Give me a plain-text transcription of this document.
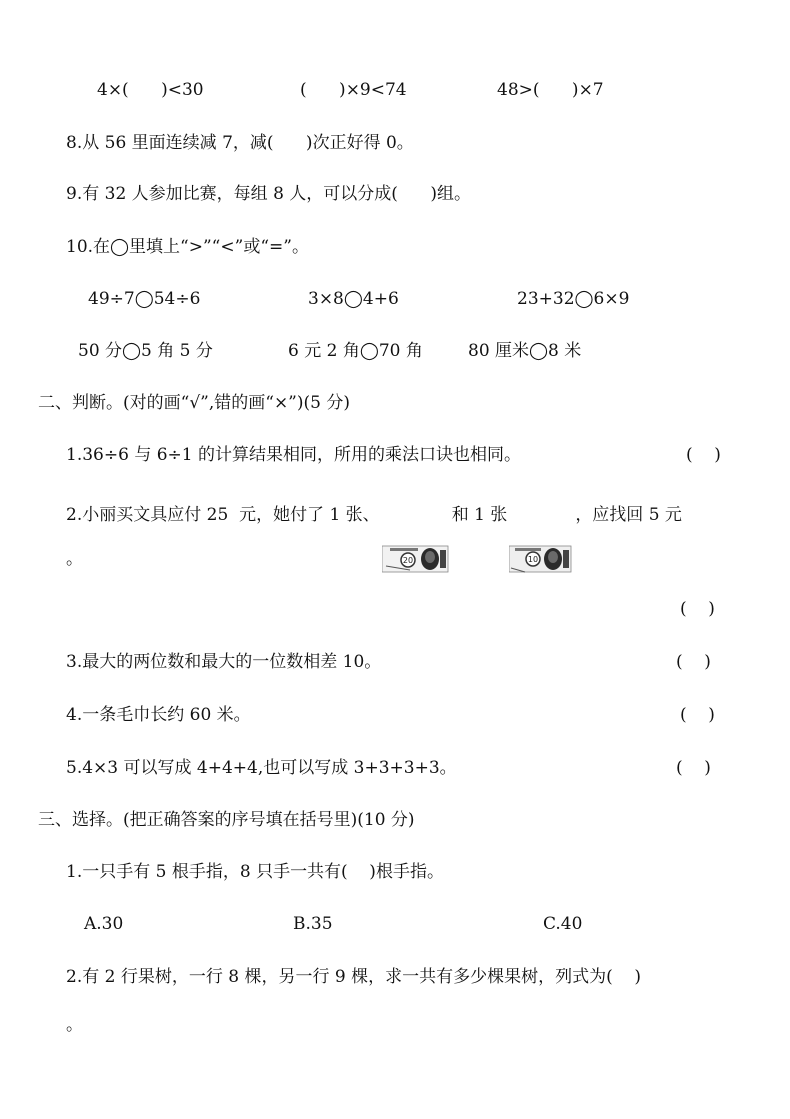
4×(      )<30	(      )×9<74	48>(      )×7
8.从 56 里面连续减 7，减(      )次正好得 0。
9.有 32 人参加比赛，每组 8 人，可以分成(      )组。
10.在◯里填上“>”“<”或“=”。
49÷7◯54÷6	3×8◯4+6	23+32◯6×9
50 分◯5 角 5 分	6 元 2 角◯70 角	80 厘米◯8 米
二、判断。(对的画“√”,错的画“×”)(5 分)
1.36÷6 与 6÷1 的计算结果相同，所用的乘法口诀也相同。	(    )
2.小丽买文具应付 25  元，她付了 1 张、

20

和 1 张

10

，应找回 5 元
。
(    )
3.最大的两位数和最大的一位数相差 10。	(    )
4.一条毛巾长约 60 米。	(    )
5.4×3 可以写成 4+4+4,也可以写成 3+3+3+3。	(    )
三、选择。(把正确答案的序号填在括号里)(10 分)
1.一只手有 5 根手指，8 只手一共有(    )根手指。
A.30	B.35	C.40
2.有 2 行果树，一行 8 棵，另一行 9 棵，求一共有多少棵果树，列式为(    )
。
